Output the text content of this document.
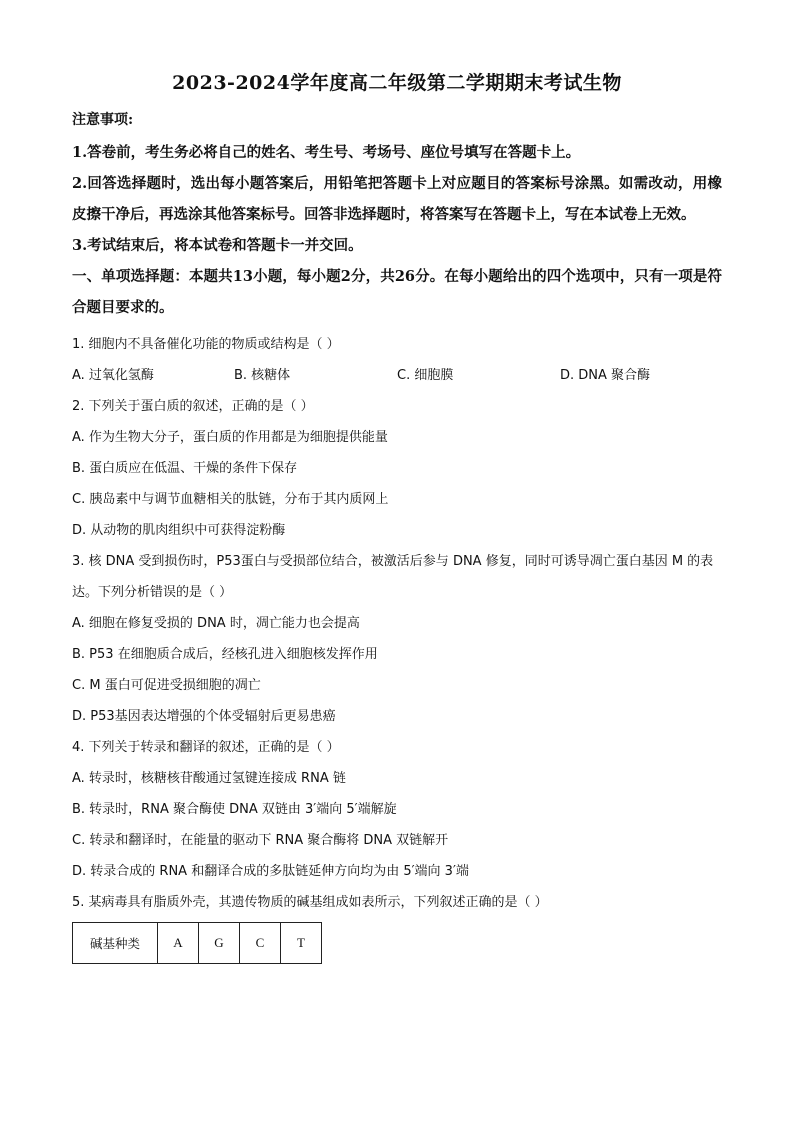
2023-2024学年度高二年级第二学期期末考试生物
注意事项:

1.答卷前，考生务必将自己的姓名、考生号、考场号、座位号填写在答题卡上。

2.回答选择题时，选出每小题答案后，用铅笔把答题卡上对应题目的答案标号涂黑。如需改动，用橡皮擦干净后，再选涂其他答案标号。回答非选择题时，将答案写在答题卡上，写在本试卷上无效。

3.考试结束后，将本试卷和答题卡一并交回。

一、单项选择题：本题共13小题，每小题2分，共26分。在每小题给出的四个选项中，只有一项是符合题目要求的。

1. 细胞内不具备催化功能的物质或结构是（ ）

A. 过氧化氢酶	B. 核糖体	C. 细胞膜	D. DNA 聚合酶

2. 下列关于蛋白质的叙述，正确的是（ ）

A. 作为生物大分子，蛋白质的作用都是为细胞提供能量

B. 蛋白质应在低温、干燥的条件下保存

C. 胰岛素中与调节血糖相关的肽链，分布于其内质网上

D. 从动物的肌肉组织中可获得淀粉酶

3. 核 DNA 受到损伤时，P53蛋白与受损部位结合，被激活后参与 DNA 修复，同时可诱导凋亡蛋白基因 M 的表达。下列分析错误的是（ ）

A. 细胞在修复受损的 DNA 时，凋亡能力也会提高

B. P53 在细胞质合成后，经核孔进入细胞核发挥作用

C. M 蛋白可促进受损细胞的凋亡

D. P53基因表达增强的个体受辐射后更易患癌

4. 下列关于转录和翻译的叙述，正确的是（ ）

A. 转录时，核糖核苷酸通过氢键连接成 RNA 链

B. 转录时，RNA 聚合酶使 DNA 双链由 3′端向 5′端解旋

C. 转录和翻译时，在能量的驱动下 RNA 聚合酶将 DNA 双链解开

D. 转录合成的 RNA 和翻译合成的多肽链延伸方向均为由 5′端向 3′端

5. 某病毒具有脂质外壳，其遗传物质的碱基组成如表所示，下列叙述正确的是（ ）

碱基种类	A	G	C	T
